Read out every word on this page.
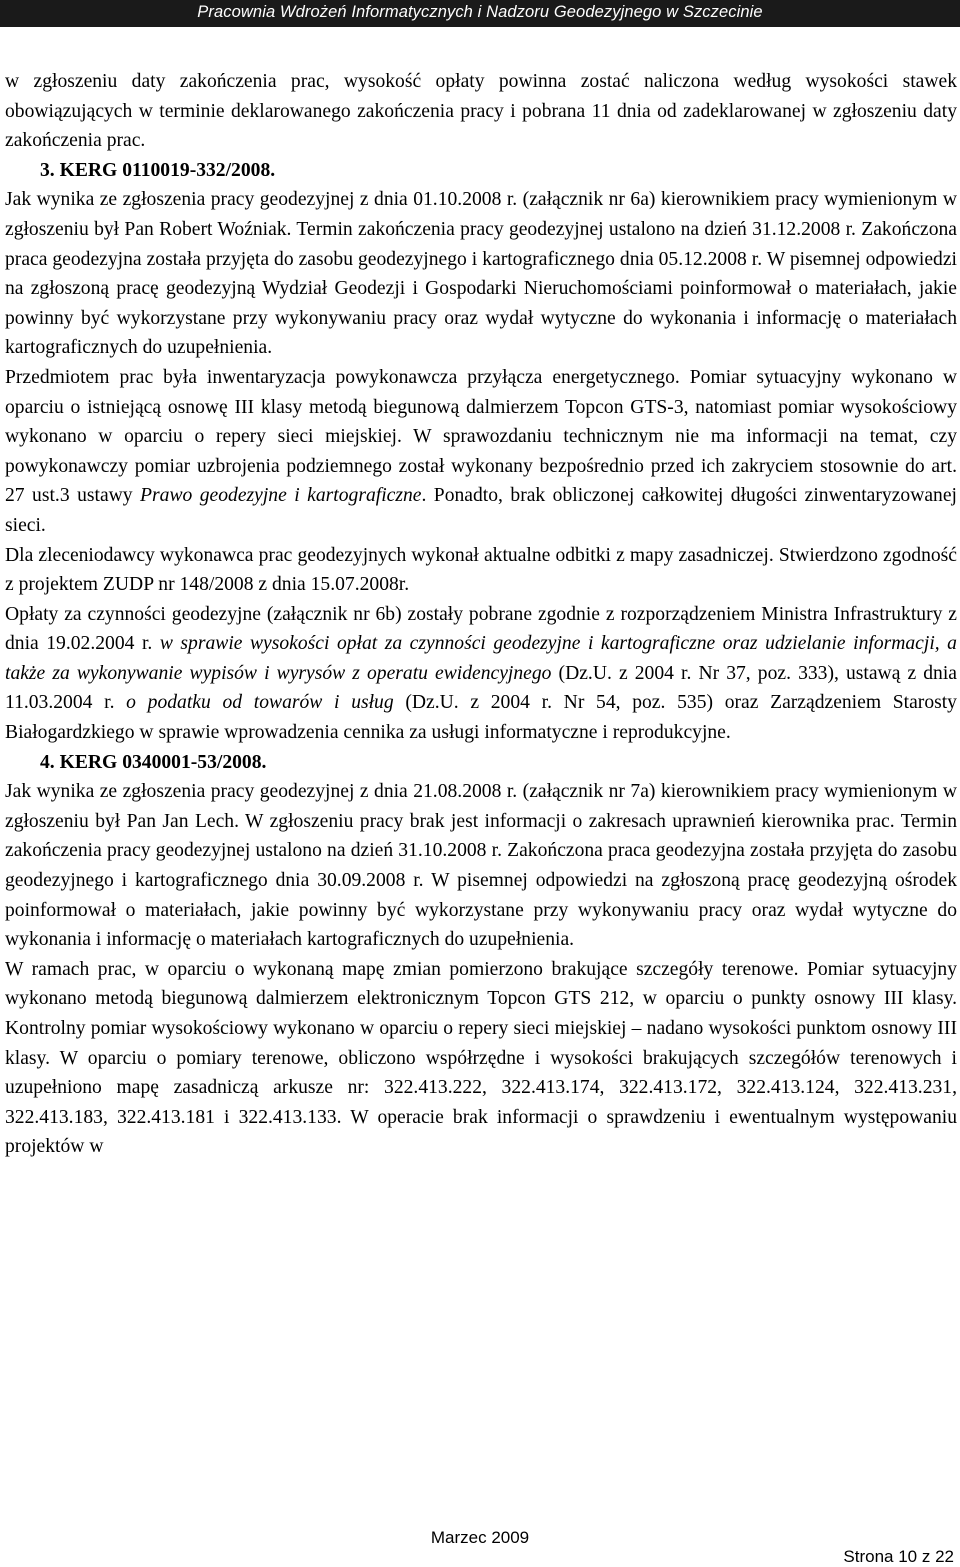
Pracownia Wdrożeń Informatycznych i Nadzoru Geodezyjnego w Szczecinie

w zgłoszeniu daty zakończenia prac, wysokość opłaty powinna zostać naliczona według wysokości stawek obowiązujących w terminie deklarowanego zakończenia pracy i pobrana 11 dnia od zadeklarowanej w zgłoszeniu daty zakończenia prac.

3. KERG 0110019-332/2008.

Jak wynika ze zgłoszenia pracy geodezyjnej z dnia 01.10.2008 r. (załącznik nr 6a) kierownikiem pracy wymienionym w zgłoszeniu był Pan Robert Woźniak. Termin zakończenia pracy geodezyjnej ustalono na dzień 31.12.2008 r. Zakończona praca geodezyjna została przyjęta do zasobu geodezyjnego i kartograficznego dnia 05.12.2008 r. W pisemnej odpowiedzi na zgłoszoną pracę geodezyjną Wydział Geodezji i Gospodarki Nieruchomościami poinformował o materiałach, jakie powinny być wykorzystane przy wykonywaniu pracy oraz wydał wytyczne do wykonania i informację o materiałach kartograficznych do uzupełnienia.

Przedmiotem prac była inwentaryzacja powykonawcza przyłącza energetycznego. Pomiar sytuacyjny wykonano w oparciu o istniejącą osnowę III klasy metodą biegunową dalmierzem Topcon GTS-3, natomiast pomiar wysokościowy wykonano w oparciu o repery sieci miejskiej. W sprawozdaniu technicznym nie ma informacji na temat, czy powykonawczy pomiar uzbrojenia podziemnego został wykonany bezpośrednio przed ich zakryciem stosownie do art. 27 ust.3 ustawy Prawo geodezyjne i kartograficzne. Ponadto, brak obliczonej całkowitej długości zinwentaryzowanej sieci.

Dla zleceniodawcy wykonawca prac geodezyjnych wykonał aktualne odbitki z mapy zasadniczej. Stwierdzono zgodność z projektem ZUDP nr 148/2008 z dnia 15.07.2008r.

Opłaty za czynności geodezyjne (załącznik nr 6b) zostały pobrane zgodnie z rozporządzeniem Ministra Infrastruktury z dnia 19.02.2004 r. w sprawie wysokości opłat za czynności geodezyjne i kartograficzne oraz udzielanie informacji, a także za wykonywanie wypisów i wyrysów z operatu ewidencyjnego (Dz.U. z 2004 r. Nr 37, poz. 333), ustawą z dnia 11.03.2004 r. o podatku od towarów i usług (Dz.U. z 2004 r. Nr 54, poz. 535) oraz Zarządzeniem Starosty Białogardzkiego w sprawie wprowadzenia cennika za usługi informatyczne i reprodukcyjne.

4. KERG 0340001-53/2008.

Jak wynika ze zgłoszenia pracy geodezyjnej z dnia 21.08.2008 r. (załącznik nr 7a) kierownikiem pracy wymienionym w zgłoszeniu był Pan Jan Lech. W zgłoszeniu pracy brak jest informacji o zakresach uprawnień kierownika prac. Termin zakończenia pracy geodezyjnej ustalono na dzień 31.10.2008 r. Zakończona praca geodezyjna została przyjęta do zasobu geodezyjnego i kartograficznego dnia 30.09.2008 r. W pisemnej odpowiedzi na zgłoszoną pracę geodezyjną ośrodek poinformował o materiałach, jakie powinny być wykorzystane przy wykonywaniu pracy oraz wydał wytyczne do wykonania i informację o materiałach kartograficznych do uzupełnienia.

W ramach prac, w oparciu o wykonaną mapę zmian pomierzono brakujące szczegóły terenowe. Pomiar sytuacyjny wykonano metodą biegunową dalmierzem elektronicznym Topcon GTS 212, w oparciu o punkty osnowy III klasy. Kontrolny pomiar wysokościowy wykonano w oparciu o repery sieci miejskiej – nadano wysokości punktom osnowy III klasy. W oparciu o pomiary terenowe, obliczono współrzędne i wysokości brakujących szczegółów terenowych i uzupełniono mapę zasadniczą arkusze nr: 322.413.222, 322.413.174, 322.413.172, 322.413.124, 322.413.231, 322.413.183, 322.413.181 i 322.413.133. W operacie brak informacji o sprawdzeniu i ewentualnym występowaniu projektów w

Marzec 2009
Strona 10 z 22
